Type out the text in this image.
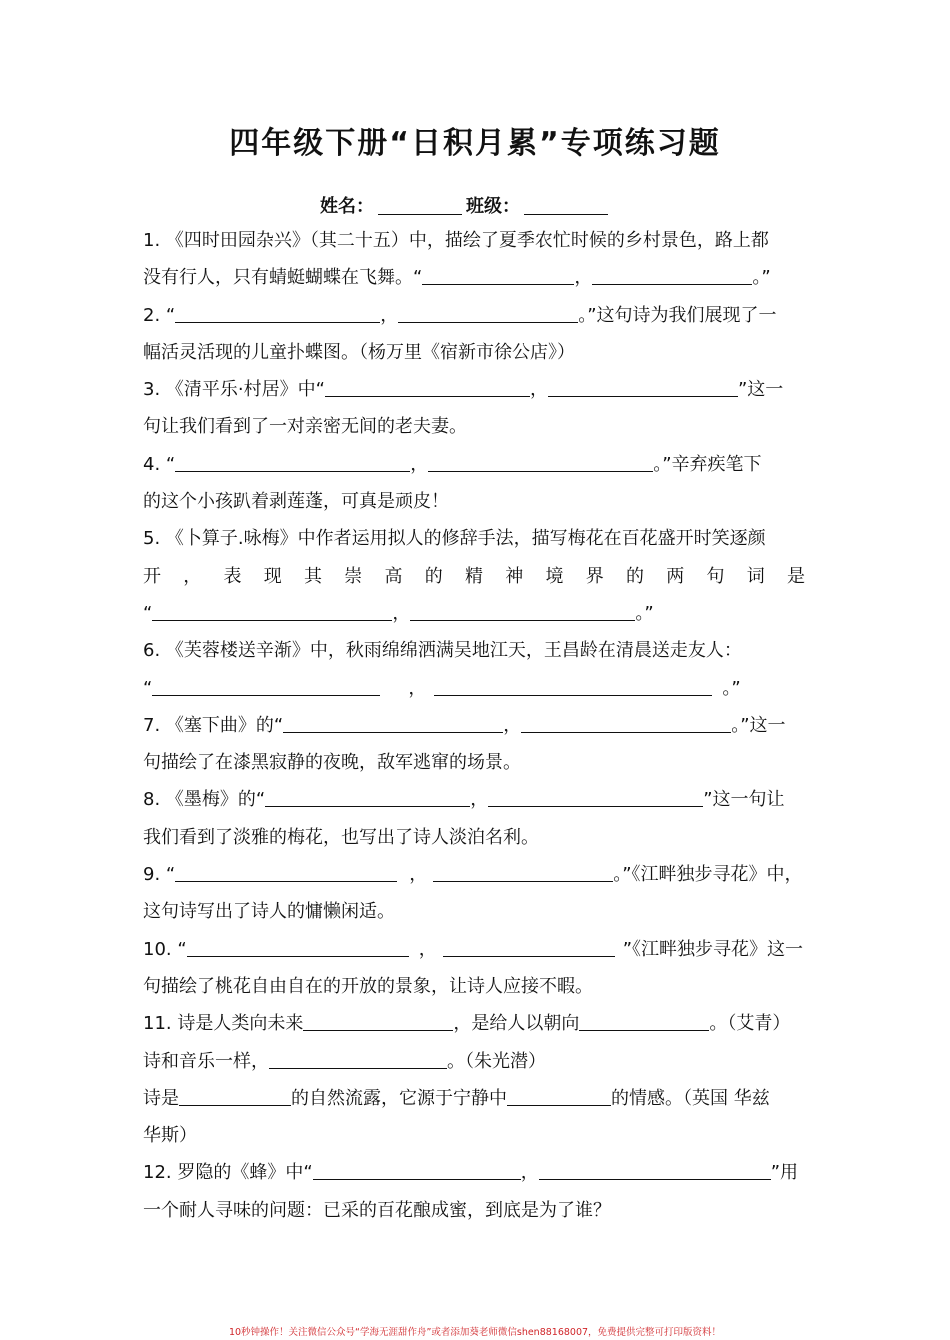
四年级下册“日积月累”专项练习题
姓名：	班级：
1. 《四时田园杂兴》（其二十五）中，描绘了夏季农忙时候的乡村景色，路上都
没有行人，只有蜻蜓蝴蝶在飞舞。“	，	。”
2. “	，	。”这句诗为我们展现了一
幅活灵活现的儿童扑蝶图。（杨万里《宿新市徐公店》）
3. 《清平乐·村居》中“	，	”这一
句让我们看到了一对亲密无间的老夫妻。
4. “	，	。”辛弃疾笔下
的这个小孩趴着剥莲蓬，可真是顽皮！
5. 《卜算子.咏梅》中作者运用拟人的修辞手法，描写梅花在百花盛开时笑逐颜
开 ， 表 现 其 崇 高 的 精 神 境 界 的 两 句 词 是
“	，	。”
6. 《芙蓉楼送辛渐》中，秋雨绵绵洒满吴地江天，王昌龄在清晨送走友人：
“	，	。”
7. 《塞下曲》的“	，	。”这一
句描绘了在漆黑寂静的夜晚，敌军逃窜的场景。
8. 《墨梅》的“	，	”这一句让
我们看到了淡雅的梅花，也写出了诗人淡泊名利。
9. “	，	。”《江畔独步寻花》中，
这句诗写出了诗人的慵懒闲适。
10. “	，	”《江畔独步寻花》这一
句描绘了桃花自由自在的开放的景象，让诗人应接不暇。
11. 诗是人类向未来	，是给人以朝向	。（艾青）
诗和音乐一样，	。（朱光潜）
诗是	的自然流露，它源于宁静中	的情感。（英国 华兹
华斯）
12. 罗隐的《蜂》中“	，	”用
一个耐人寻味的问题：已采的百花酿成蜜，到底是为了谁？
10秒钟操作！关注微信公众号“学海无涯甜作舟”或者添加葵老师微信shen88168007，免费提供完整可打印版资料！
